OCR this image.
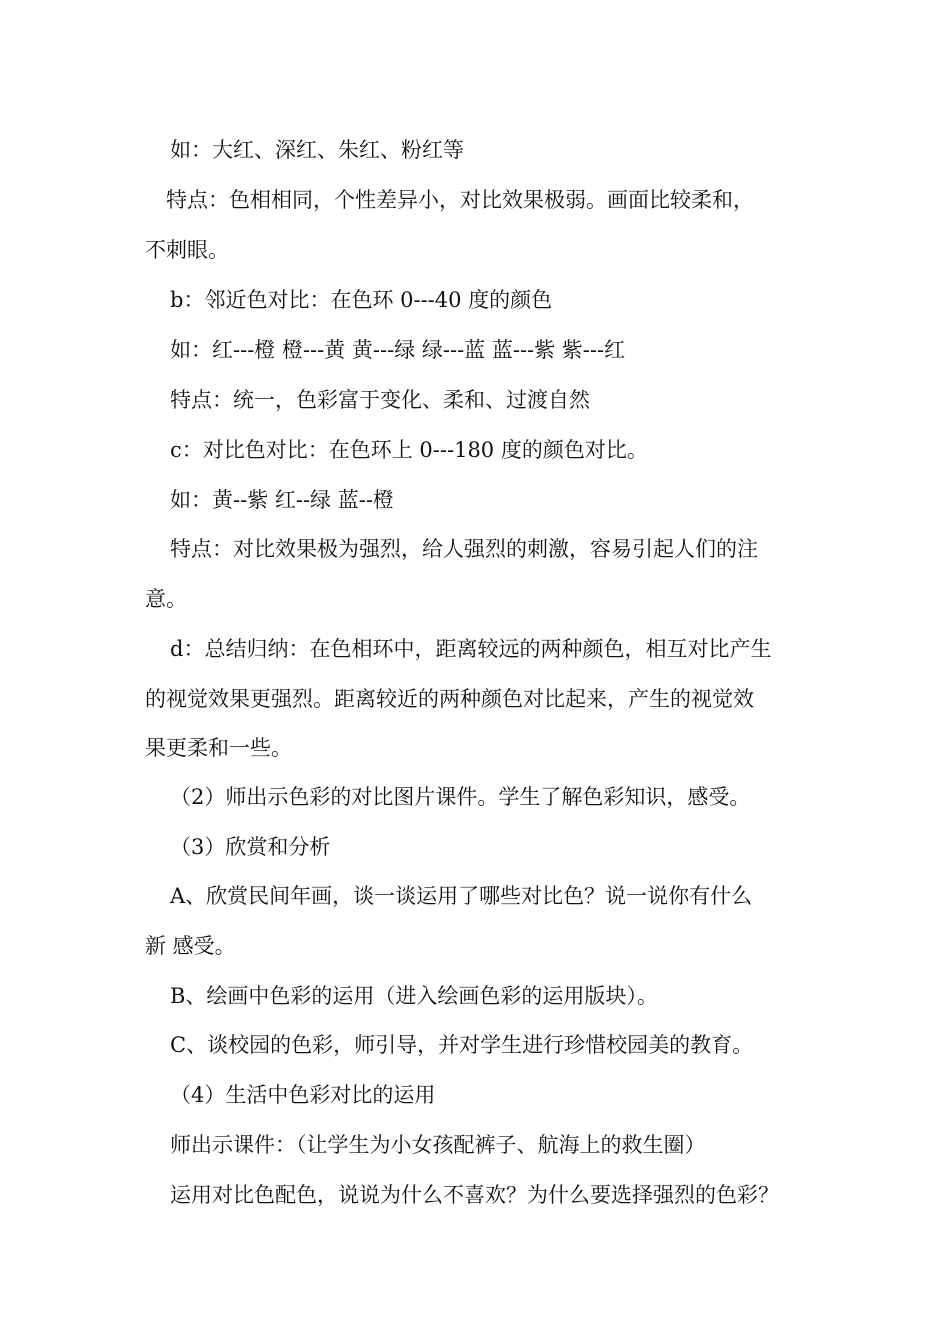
如：大红、深红、朱红、粉红等
特点：色相相同，个性差异小，对比效果极弱。画面比较柔和，
不刺眼。
b：邻近色对比：在色环 0---40 度的颜色
如：红---橙 橙---黄 黄---绿 绿---蓝 蓝---紫 紫---红
特点：统一，色彩富于变化、柔和、过渡自然
c：对比色对比：在色环上 0---180 度的颜色对比。
如：黄--紫 红--绿 蓝--橙
特点：对比效果极为强烈，给人强烈的刺激，容易引起人们的注
意。
d：总结归纳：在色相环中，距离较远的两种颜色，相互对比产生
的视觉效果更强烈。距离较近的两种颜色对比起来，产生的视觉效
果更柔和一些。
（2）师出示色彩的对比图片课件。学生了解色彩知识，感受。
（3）欣赏和分析
A、欣赏民间年画，谈一谈运用了哪些对比色？说一说你有什么
新 感受。
B、绘画中色彩的运用（进入绘画色彩的运用版块）。
C、谈校园的色彩，师引导，并对学生进行珍惜校园美的教育。
（4）生活中色彩对比的运用
师出示课件：（让学生为小女孩配裤子、航海上的救生圈）
运用对比色配色，说说为什么不喜欢？为什么要选择强烈的色彩？
